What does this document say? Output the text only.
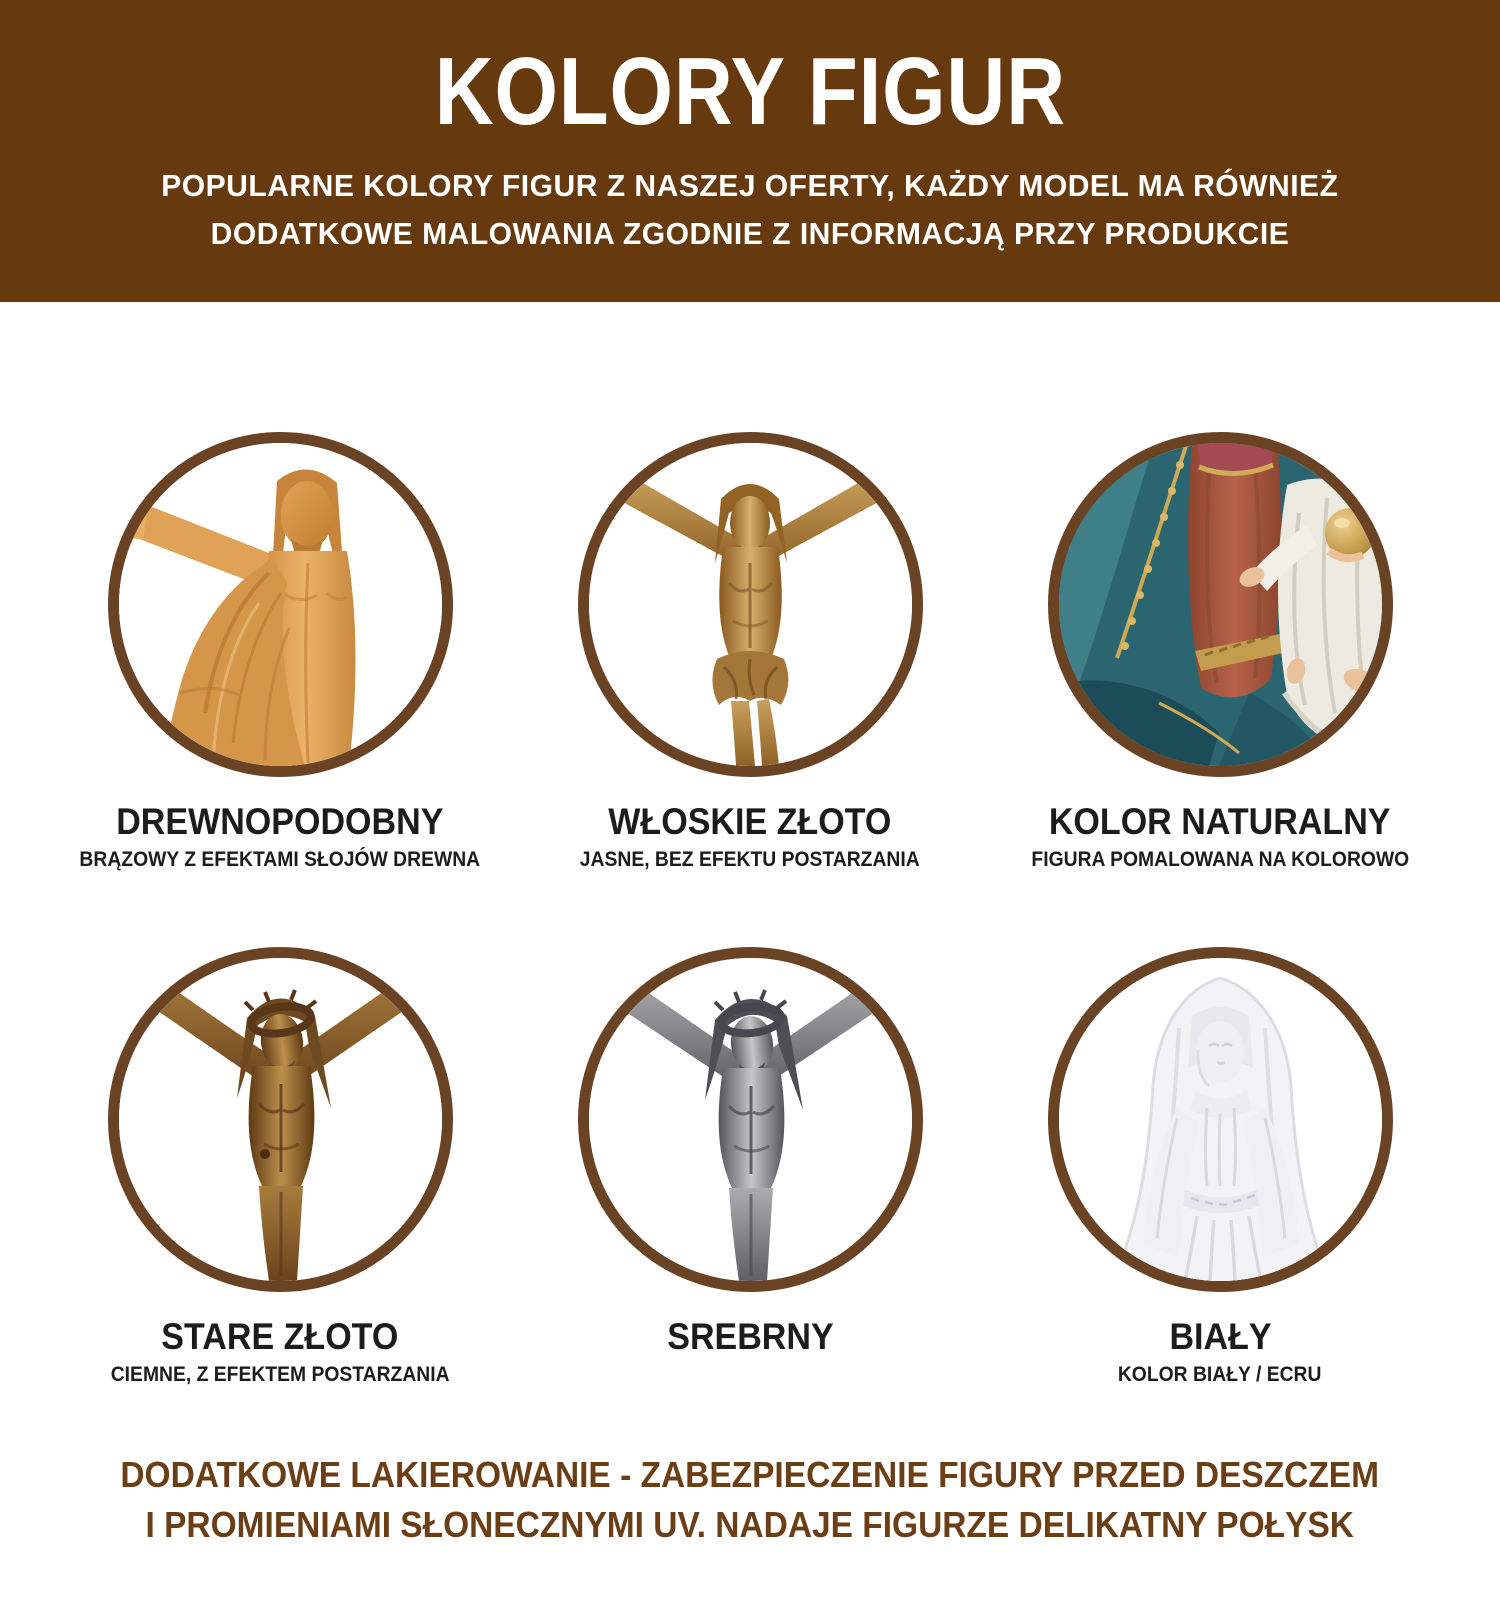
KOLORY FIGUR
POPULARNE KOLORY FIGUR Z NASZEJ OFERTY, KAŻDY MODEL MA RÓWNIEŻ
DODATKOWE MALOWANIA ZGODNIE Z INFORMACJĄ PRZY PRODUKCIE
DREWNOPODOBNY
BRĄZOWY Z EFEKTAMI SŁOJÓW DREWNA
WŁOSKIE ZŁOTO
JASNE, BEZ EFEKTU POSTARZANIA
KOLOR NATURALNY
FIGURA POMALOWANA NA KOLOROWO
STARE ZŁOTO
CIEMNE, Z EFEKTEM POSTARZANIA
SREBRNY	BIAŁY
KOLOR BIAŁY / ECRU
DODATKOWE LAKIEROWANIE - ZABEZPIECZENIE FIGURY PRZED DESZCZEM
I PROMIENIAMI SŁONECZNYMI UV. NADAJE FIGURZE DELIKATNY POŁYSK
